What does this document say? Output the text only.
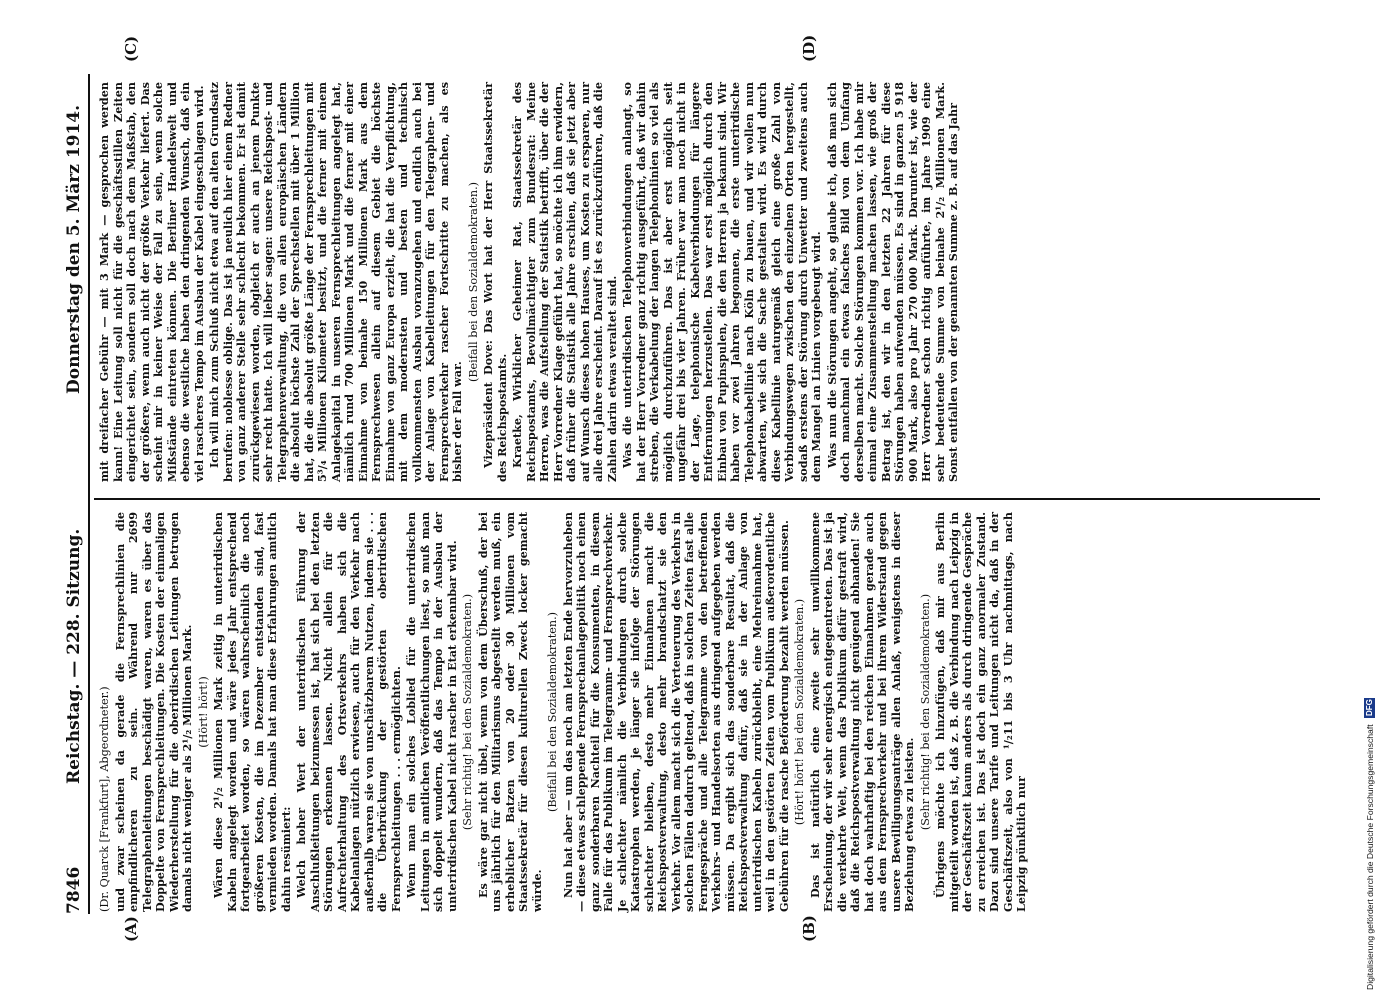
7846
Reichstag. — 228. Sitzung.
Donnerstag den 5. März 1914.
(A)	(B)
(C)	(D)

(Dr. Quarck [Frankfurt], Abgeordneter.) und zwar scheinen da gerade die Fernsprechlinien die empfindlicheren zu sein. Während nur 2699 Telegraphenleitungen beschädigt waren, waren es über das Doppelte von Fernsprechleitungen. Die Kosten der einmaligen Wiederherstellung für die oberirdischen Leitungen betrugen damals nicht weniger als 2¹/₂ Millionen Mark. (Hört! hört!) Wären diese 2¹/₂ Millionen Mark zeitig in unterirdischen Kabeln angelegt worden und wäre jedes Jahr entsprechend fortgearbeitet worden, so wären wahrscheinlich die noch größeren Kosten, die im Dezember entstanden sind, fast vermieden worden. Damals hat man diese Erfahrungen amtlich dahin resümiert: Welch hoher Wert der unterirdischen Führung der Anschlußleitungen beizumessen ist, hat sich bei den letzten Störungen erkennen lassen. Nicht allein für die Aufrechterhaltung des Ortsverkehrs haben sich die Kabelanlagen nützlich erwiesen, auch für den Verkehr nach außerhalb waren sie von unschätzbarem Nutzen, indem sie . . . die Überbrückung der gestörten oberirdischen Fernsprechleitungen . . . ermöglichten. Wenn man ein solches Loblied für die unterirdischen Leitungen in amtlichen Veröffentlichungen liest, so muß man sich doppelt wundern, daß das Tempo in der Ausbau der unterirdischen Kabel nicht rascher in Etat erkennbar wird. (Sehr richtig! bei den Sozialdemokraten.) Es wäre gar nicht übel, wenn von dem Überschuß, der bei uns jährlich für den Militarismus abgestellt werden muß, ein erheblicher Batzen von 20 oder 30 Millionen vom Staatssekretär für diesen kulturellen Zweck locker gemacht würde.

(Beifall bei den Sozialdemokraten.) Nun hat aber — um das noch am letzten Ende hervorzuheben — diese etwas schleppende Fernsprechanlagepolitik noch einen ganz sonderbaren Nachteil für die Konsumenten, in diesem Falle für das Publikum im Telegramm- und Fernsprechverkehr. Je schlechter nämlich die Verbindungen durch solche Katastrophen werden, je länger sie infolge der Störungen schlechter bleiben, desto mehr Einnahmen macht die Reichspostverwaltung, desto mehr brandschatzt sie den Verkehr. Vor allem macht sich die Verteuerung des Verkehrs in solchen Fällen dadurch geltend, daß in solchen Zeiten fast alle Ferngespräche und alle Telegramme von den betreffenden Verkehrs- und Handelsorten aus dringend aufgegeben werden müssen. Da ergibt sich das sonderbare Resultat, daß die Reichspostverwaltung dafür, daß sie in der Anlage von unterirdischen Kabeln zurückbleibt, eine Mehreinnahme hat, weil in den gestörten Zeiten vom Publikum außerordentliche Gebühren für die rasche Beförderung bezahlt werden müssen. (Hört! hört! bei den Sozialdemokraten.) Das ist natürlich eine zweite sehr unwillkommene Erscheinung, der wir sehr energisch entgegentreten. Das ist ja die verkehrte Welt, wenn das Publikum dafür gestraft wird, daß die Reichspostverwaltung nicht genügend abhanden! Sie hat doch wahrhaftig bei den reichen Einnahmen gerade auch aus dem Fernsprechverkehr und bei ihrem Widerstand gegen unsere Bewilligungsanträge allen Anlaß, wenigstens in dieser Beziehung etwas zu leisten. (Sehr richtig! bei den Sozialdemokraten.) Übrigens möchte ich hinzufügen, daß mir aus Berlin mitgeteilt worden ist, daß z. B. die Verbindung nach Leipzig in der Geschäftszeit kaum anders als durch dringende Gespräche zu erreichen ist. Das ist doch ein ganz anormaler Zustand. Dazu sind unsere Tarife und Leitungen nicht da, daß in der Geschäftszeit, also von ¹/₂11 bis 3 Uhr nachmittags, nach Leipzig pünktlich nur

mit dreifacher Gebühr — mit 3 Mark — gesprochen werden kann! Eine Leitung soll nicht für die geschäftsstillen Zeiten eingerichtet sein, sondern soll doch nach dem Maßstab, den der größere, wenn auch nicht der größte Verkehr liefert. Das scheint mir in keiner Weise der Fall zu sein, wenn solche Mißstände eintreten können. Die Berliner Handelswelt und ebenso die westliche haben den dringenden Wunsch, daß ein viel rascheres Tempo im Ausbau der Kabel eingeschlagen wird. Ich will mich zum Schluß nicht etwa auf den alten Grundsatz berufen: noblesse oblige. Das ist ja neulich hier einem Redner von ganz anderer Stelle sehr schlecht bekommen. Er ist damit zurückgewiesen worden, obgleich er auch an jenem Punkte sehr recht hatte. Ich will lieber sagen: unsere Reichspost- und Telegraphenverwaltung, die von allen europäischen Ländern die absolut höchste Zahl der Sprechstellen mit über 1 Million hat, die die absolut größte Länge der Fernsprechleitungen mit 5³/₄ Millionen Kilometer besitzt, und die ferner mit einem Anlagekapital in unseren Fernsprechleitungen angelegt hat, nämlich rund 700 Millionen Mark und die ferner mit einer Einnahme von beinahe 150 Millionen Mark aus dem Fernsprechwesen allein auf diesem Gebiet die höchste Einnahme von ganz Europa erzielt, die hat die Verpflichtung, mit dem modernsten und besten und technisch vollkommensten Ausbau voranzugehen und endlich auch bei der Anlage von Kabelleitungen für den Telegraphen- und Fernsprechverkehr rascher Fortschritte zu machen, als es bisher der Fall war.

(Beifall bei den Sozialdemokraten.) Vizepräsident Dove: Das Wort hat der Herr Staatssekretär des Reichspostamts. Kraetke, Wirklicher Geheimer Rat, Staatssekretär des Reichspostamts, Bevollmächtigter zum Bundesrat: Meine Herren, was die Aufstellung der Statistik betrifft, über die der Herr Vorredner Klage geführt hat, so möchte ich ihm erwidern, daß früher die Statistik alle Jahre erschien, daß sie jetzt aber auf Wunsch dieses hohen Hauses, um Kosten zu ersparen, nur alle drei Jahre erscheint. Darauf ist es zurückzuführen, daß die Zahlen darin etwas veraltet sind. Was die unterirdischen Telephonverbindungen anlangt, so hat der Herr Vorredner ganz richtig ausgeführt, daß wir dahin streben, die Verkabelung der langen Telephonlinien so viel als möglich durchzuführen. Das ist aber erst möglich seit ungefähr drei bis vier Jahren. Früher war man noch nicht in der Lage, telephonische Kabelverbindungen für längere Entfernungen herzustellen. Das war erst möglich durch den Einbau von Pupinspulen, die den Herren ja bekannt sind. Wir haben vor zwei Jahren begonnen, die erste unterirdische Telephonkabellinie nach Köln zu bauen, und wir wollen nun abwarten, wie sich die Sache gestalten wird. Es wird durch diese Kabellinie naturgemäß gleich eine große Zahl von Verbindungswegen zwischen den einzelnen Orten hergestellt, sodaß erstens der Störung durch Unwetter und zweitens auch dem Mangel an Linien vorgebeugt wird. Was nun die Störungen angeht, so glaube ich, daß man sich doch manchmal ein etwas falsches Bild von dem Umfang derselben macht. Solche Störungen kommen vor. Ich habe mir einmal eine Zusammenstellung machen lassen, wie groß der Betrag ist, den wir in den letzten 22 Jahren für diese Störungen haben aufwenden müssen. Es sind in ganzen 5 918 900 Mark, also pro Jahr 270 000 Mark. Darunter ist, wie der Herr Vorredner schon richtig anführte, im Jahre 1909 eine sehr bedeutende Summe von beinahe 2¹/₂ Millionen Mark. Sonst entfallen von der genannten Summe z. B. auf das Jahr

Digitalisierung gefördert durch die Deutsche Forschungsgemeinschaft
DFG
